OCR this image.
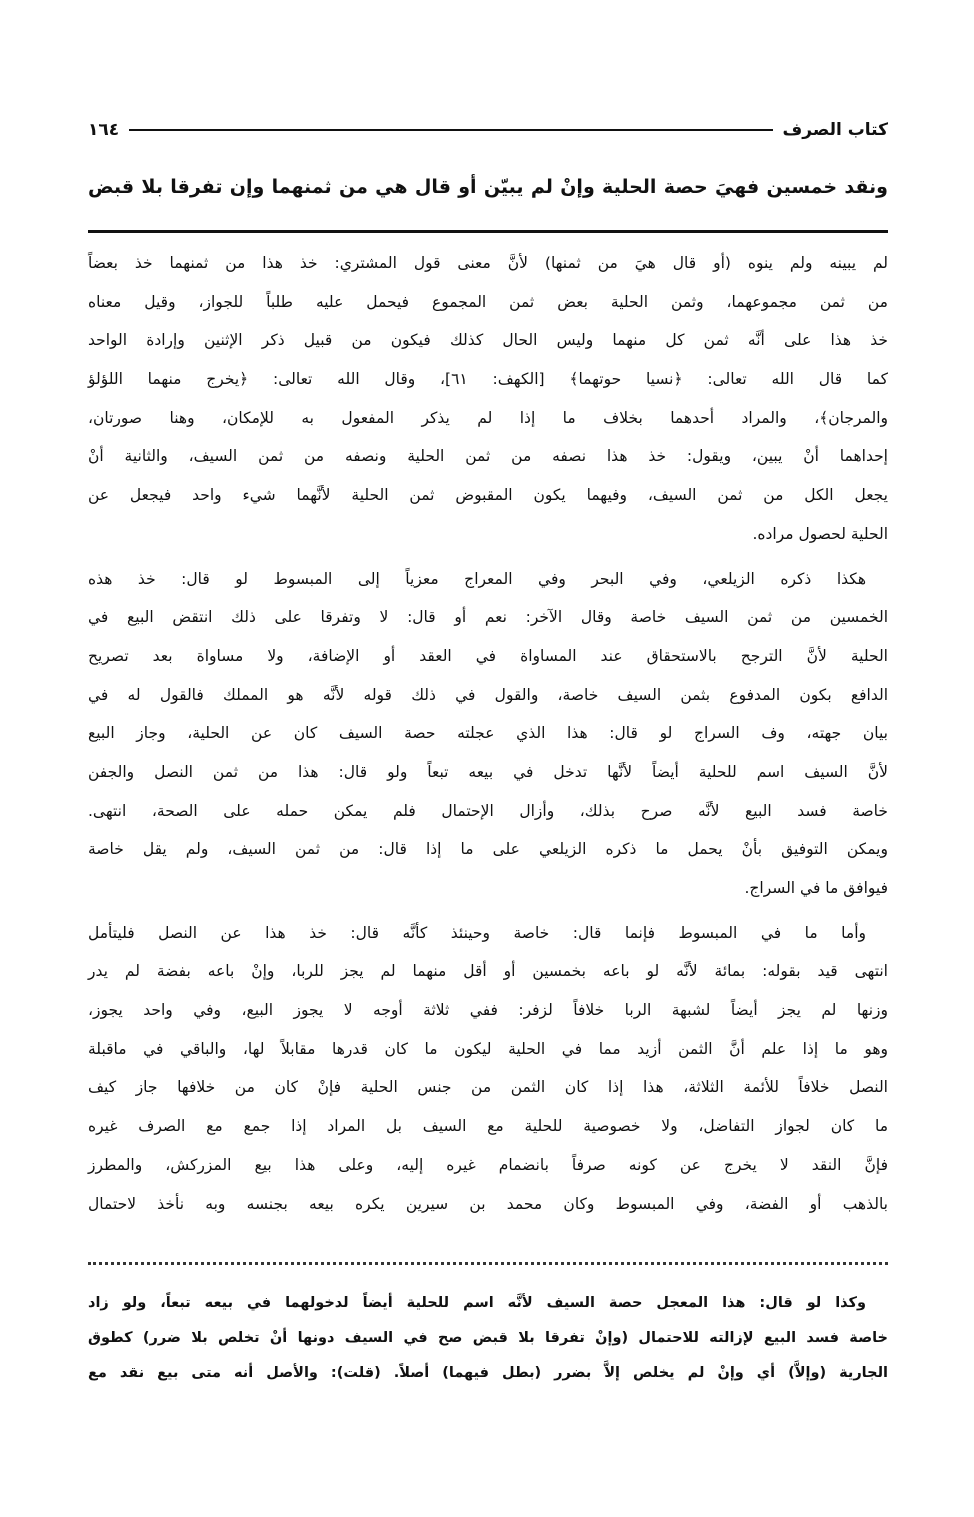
كتاب الصرف
١٦٤
ونقد خمسين فهيَ حصة الحلية وإنْ لم يبيّن أو قال هي من ثمنهما وإن تفرقا بلا قبض
لم يبينه ولم ينوه (أو قال هيَ من ثمنها) لأنَّ معنى قول المشتري: خذ هذا من ثمنهما خذ بعضاً
من ثمن مجموعهما، وثمن الحلية بعض ثمن المجموع فيحمل عليه طلباً للجواز، وقيل معناه
خذ هذا على أنَّه ثمن كل منهما وليس الحال كذلك فيكون من قبيل ذكر الإثنين وإرادة الواحد
كما قال الله تعالى: ﴿نسيا حوتهما﴾ [الكهف: ٦١]، وقال الله تعالى: ﴿يخرج منهما اللؤلؤ
والمرجان﴾، والمراد أحدهما بخلاف ما إذا لم يذكر المفعول به للإمكان، وهنا صورتان،
إحداهما أنْ يبين، ويقول: خذ هذا نصفه من ثمن الحلية ونصفه من ثمن السيف، والثانية أنْ
يجعل الكل من ثمن السيف، وفيهما يكون المقبوض ثمن الحلية لأنَّهما شيء واحد فيجعل عن
الحلية لحصول مراده.
هكذا ذكره الزيلعي، وفي البحر وفي المعراج معزياً إلى المبسوط لو قال: خذ هذه
الخمسين من ثمن السيف خاصة وقال الآخر: نعم أو قال: لا وتفرقا على ذلك انتقض البيع في
الحلية لأنَّ الترجح بالاستحقاق عند المساواة في العقد أو الإضافة، ولا مساواة بعد تصريح
الدافع بكون المدفوع بثمن السيف خاصة، والقول في ذلك قوله لأنَّه هو المملك فالقول له في
بيان جهته، وف السراج لو قال: هذا الذي عجلته حصة السيف كان عن الحلية، وجاز البيع
لأنَّ السيف اسم للحلية أيضاً لأنَّها تدخل في بيعه تبعاً ولو قال: هذا من ثمن النصل والجفن
خاصة فسد البيع لأنَّه صرح بذلك، وأزال الإحتمال فلم يمكن حمله على الصحة، انتهى.
ويمكن التوفيق بأنْ يحمل ما ذكره الزيلعي على ما إذا قال: من ثمن السيف، ولم يقل خاصة
فيوافق ما في السراج.
وأما ما في المبسوط فإنما قال: خاصة وحينئذ كأنَّه قال: خذ هذا عن النصل فليتأمل
انتهى قيد بقوله: بمائة لأنَّه لو باعه بخمسين أو أقل منهما لم يجز للربا، وإنْ باعه بفضة لم يدر
وزنها لم يجز أيضاً لشبهة الربا خلافاً لزفر: ففي ثلاثة أوجه لا يجوز البيع، وفي واحد يجوز،
وهو ما إذا علم أنَّ الثمن أزيد مما في الحلية ليكون ما كان قدرها مقابلاً لها، والباقي في ماقبلة
النصل خلافاً للأئمة الثلاثة، هذا إذا كان الثمن من جنس الحلية فإنْ كان من خلافها جاز كيف
ما كان لجواز التفاضل، ولا خصوصية للحلية مع السيف بل المراد إذا جمع مع الصرف غيره
فإنَّ النقد لا يخرج عن كونه صرفاً بانضمام غيره إليه، وعلى هذا بيع المزركش، والمطرز
بالذهب أو الفضة، وفي المبسوط وكان محمد بن سيرين يكره بيعه بجنسه وبه نأخذ لاحتمال
وكذا لو قال: هذا المعجل حصة السيف لأنَّه اسم للحلية أيضاً لدخولهما في بيعه تبعاً، ولو زاد
خاصة فسد البيع لإزالته للاحتمال (وإنْ تفرقا بلا قبض صح في السيف دونها أنْ تخلص بلا ضرر) كطوق
الجارية (وإلاَّ) أي وإنْ لم يخلص إلاَّ بضرر (بطل فيهما) أصلاً. (قلت): والأصل أنه متى بيع نقد مع
